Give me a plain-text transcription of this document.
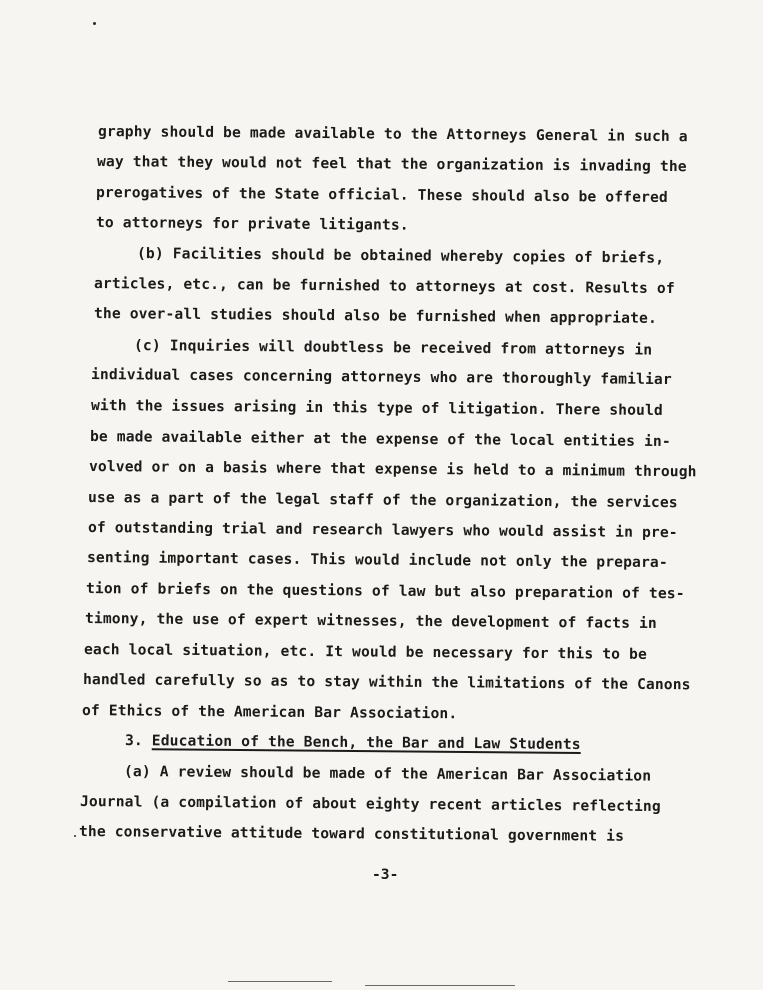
graphy should be made available to the Attorneys General in such a
way that they would not feel that the organization is invading the
prerogatives of the State official. These should also be offered
to attorneys for private litigants.
(b) Facilities should be obtained whereby copies of briefs,
articles, etc., can be furnished to attorneys at cost. Results of
the over-all studies should also be furnished when appropriate.
(c) Inquiries will doubtless be received from attorneys in
individual cases concerning attorneys who are thoroughly familiar
with the issues arising in this type of litigation. There should
be made available either at the expense of the local entities in-
volved or on a basis where that expense is held to a minimum through
use as a part of the legal staff of the organization, the services
of outstanding trial and research lawyers who would assist in pre-
senting important cases. This would include not only the prepara-
tion of briefs on the questions of law but also preparation of tes-
timony, the use of expert witnesses, the development of facts in
each local situation, etc. It would be necessary for this to be
handled carefully so as to stay within the limitations of the Canons
of Ethics of the American Bar Association.
3. Education of the Bench, the Bar and Law Students
(a) A review should be made of the American Bar Association
Journal (a compilation of about eighty recent articles reflecting
the conservative attitude toward constitutional government is
-3-
